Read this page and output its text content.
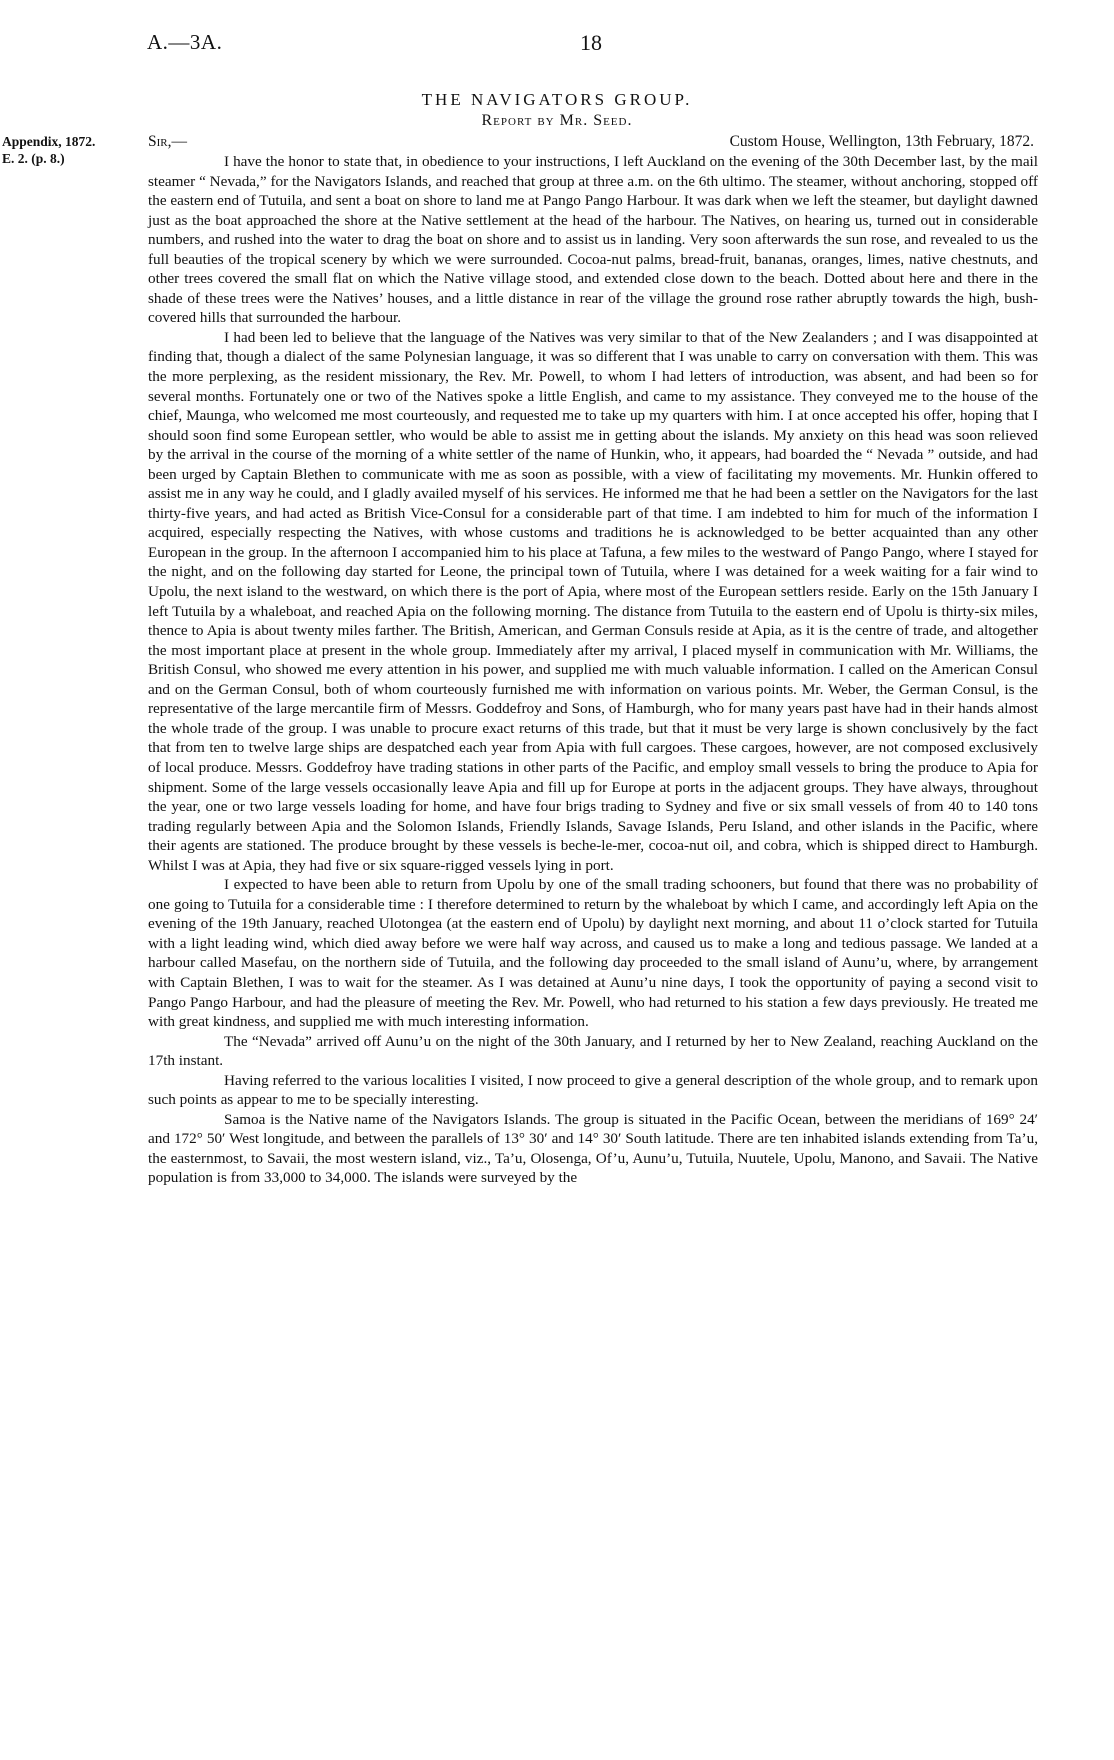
A.—3A.	18
THE NAVIGATORS GROUP.
Report by Mr. Seed.
Appendix, 1872.
E. 2. (p. 8.)
Sir,—	Custom House, Wellington, 13th February, 1872.

I have the honor to state that, in obedience to your instructions, I left Auckland on the evening of the 30th December last, by the mail steamer “ Nevada,” for the Navigators Islands, and reached that group at three a.m. on the 6th ultimo. The steamer, without anchoring, stopped off the eastern end of Tutuila, and sent a boat on shore to land me at Pango Pango Harbour. It was dark when we left the steamer, but daylight dawned just as the boat approached the shore at the Native settlement at the head of the harbour. The Natives, on hearing us, turned out in considerable numbers, and rushed into the water to drag the boat on shore and to assist us in landing. Very soon afterwards the sun rose, and revealed to us the full beauties of the tropical scenery by which we were surrounded. Cocoa-nut palms, bread-fruit, bananas, oranges, limes, native chestnuts, and other trees covered the small flat on which the Native village stood, and extended close down to the beach. Dotted about here and there in the shade of these trees were the Natives’ houses, and a little distance in rear of the village the ground rose rather abruptly towards the high, bush-covered hills that surrounded the harbour.

I had been led to believe that the language of the Natives was very similar to that of the New Zealanders ; and I was disappointed at finding that, though a dialect of the same Polynesian language, it was so different that I was unable to carry on conversation with them. This was the more perplexing, as the resident missionary, the Rev. Mr. Powell, to whom I had letters of introduction, was absent, and had been so for several months. Fortunately one or two of the Natives spoke a little English, and came to my assistance. They conveyed me to the house of the chief, Maunga, who welcomed me most courteously, and requested me to take up my quarters with him. I at once accepted his offer, hoping that I should soon find some European settler, who would be able to assist me in getting about the islands. My anxiety on this head was soon relieved by the arrival in the course of the morning of a white settler of the name of Hunkin, who, it appears, had boarded the “ Nevada ” outside, and had been urged by Captain Blethen to communicate with me as soon as possible, with a view of facilitating my movements. Mr. Hunkin offered to assist me in any way he could, and I gladly availed myself of his services. He informed me that he had been a settler on the Navigators for the last thirty-five years, and had acted as British Vice-Consul for a considerable part of that time. I am indebted to him for much of the information I acquired, especially respecting the Natives, with whose customs and traditions he is acknowledged to be better acquainted than any other European in the group. In the afternoon I accompanied him to his place at Tafuna, a few miles to the westward of Pango Pango, where I stayed for the night, and on the following day started for Leone, the principal town of Tutuila, where I was detained for a week waiting for a fair wind to Upolu, the next island to the westward, on which there is the port of Apia, where most of the European settlers reside. Early on the 15th January I left Tutuila by a whaleboat, and reached Apia on the following morning. The distance from Tutuila to the eastern end of Upolu is thirty-six miles, thence to Apia is about twenty miles farther. The British, American, and German Consuls reside at Apia, as it is the centre of trade, and altogether the most important place at present in the whole group. Immediately after my arrival, I placed myself in communication with Mr. Williams, the British Consul, who showed me every attention in his power, and supplied me with much valuable information. I called on the American Consul and on the German Consul, both of whom courteously furnished me with information on various points. Mr. Weber, the German Consul, is the representative of the large mercantile firm of Messrs. Goddefroy and Sons, of Hamburgh, who for many years past have had in their hands almost the whole trade of the group. I was unable to procure exact returns of this trade, but that it must be very large is shown conclusively by the fact that from ten to twelve large ships are despatched each year from Apia with full cargoes. These cargoes, however, are not composed exclusively of local produce. Messrs. Goddefroy have trading stations in other parts of the Pacific, and employ small vessels to bring the produce to Apia for shipment. Some of the large vessels occasionally leave Apia and fill up for Europe at ports in the adjacent groups. They have always, throughout the year, one or two large vessels loading for home, and have four brigs trading to Sydney and five or six small vessels of from 40 to 140 tons trading regularly between Apia and the Solomon Islands, Friendly Islands, Savage Islands, Peru Island, and other islands in the Pacific, where their agents are stationed. The produce brought by these vessels is beche-le-mer, cocoa-nut oil, and cobra, which is shipped direct to Hamburgh. Whilst I was at Apia, they had five or six square-rigged vessels lying in port.

I expected to have been able to return from Upolu by one of the small trading schooners, but found that there was no probability of one going to Tutuila for a considerable time : I therefore determined to return by the whaleboat by which I came, and accordingly left Apia on the evening of the 19th January, reached Ulotongea (at the eastern end of Upolu) by daylight next morning, and about 11 o’clock started for Tutuila with a light leading wind, which died away before we were half way across, and caused us to make a long and tedious passage. We landed at a harbour called Masefau, on the northern side of Tutuila, and the following day proceeded to the small island of Aunu’u, where, by arrangement with Captain Blethen, I was to wait for the steamer. As I was detained at Aunu’u nine days, I took the opportunity of paying a second visit to Pango Pango Harbour, and had the pleasure of meeting the Rev. Mr. Powell, who had returned to his station a few days previously. He treated me with great kindness, and supplied me with much interesting information.

The “Nevada” arrived off Aunu’u on the night of the 30th January, and I returned by her to New Zealand, reaching Auckland on the 17th instant.

Having referred to the various localities I visited, I now proceed to give a general description of the whole group, and to remark upon such points as appear to me to be specially interesting.

Samoa is the Native name of the Navigators Islands. The group is situated in the Pacific Ocean, between the meridians of 169° 24′ and 172° 50′ West longitude, and between the parallels of 13° 30′ and 14° 30′ South latitude. There are ten inhabited islands extending from Ta’u, the easternmost, to Savaii, the most western island, viz., Ta’u, Olosenga, Of’u, Aunu’u, Tutuila, Nuutele, Upolu, Manono, and Savaii. The Native population is from 33,000 to 34,000. The islands were surveyed by the
